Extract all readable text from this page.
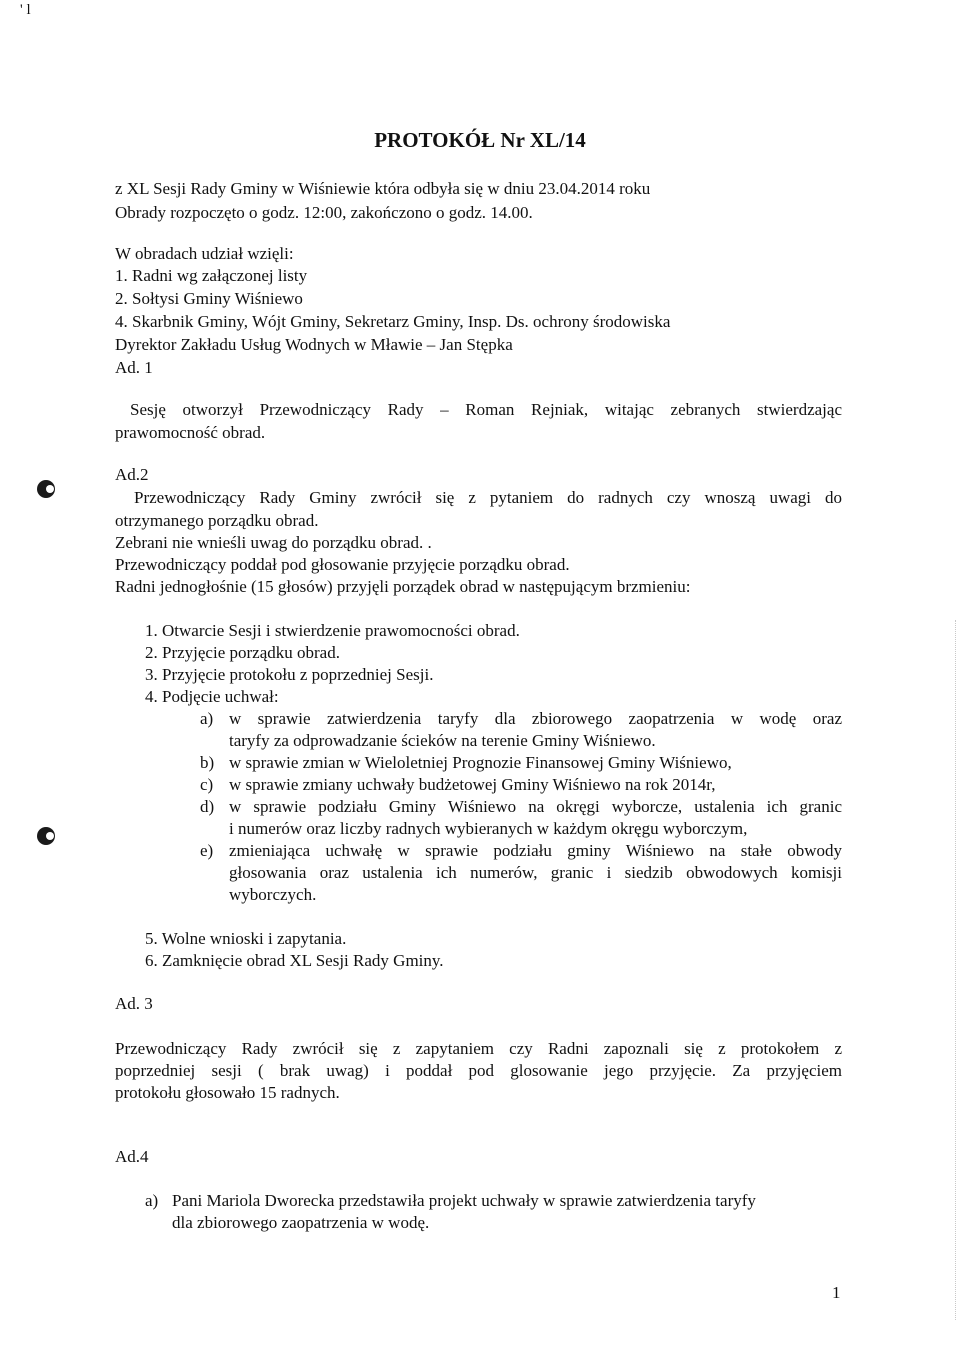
' l
PROTOKÓŁ Nr XL/14
z XL Sesji Rady Gminy w Wiśniewie która odbyła się w dniu 23.04.2014 roku
Obrady rozpoczęto o godz. 12:00, zakończono o godz. 14.00.
W obradach udział wzięli:
1. Radni wg załączonej listy
2. Sołtysi Gminy Wiśniewo
4. Skarbnik Gminy, Wójt Gminy, Sekretarz Gminy, Insp. Ds. ochrony środowiska
Dyrektor Zakładu Usług Wodnych w Mławie – Jan Stępka
Ad. 1
Sesję otworzył Przewodniczący Rady – Roman Rejniak, witając zebranych stwierdzając
prawomocność obrad.
Ad.2
Przewodniczący Rady Gminy zwrócił się z pytaniem do radnych czy wnoszą uwagi do
otrzymanego porządku obrad.
Zebrani nie wnieśli uwag do porządku obrad. .
Przewodniczący poddał pod głosowanie przyjęcie porządku obrad.
Radni jednogłośnie (15 głosów) przyjęli porządek obrad w następującym brzmieniu:
1. Otwarcie Sesji i stwierdzenie prawomocności obrad.
2. Przyjęcie porządku obrad.
3. Przyjęcie protokołu z poprzedniej Sesji.
4. Podjęcie uchwał:
a) w sprawie zatwierdzenia taryfy dla zbiorowego zaopatrzenia w wodę oraz
taryfy za odprowadzanie ścieków na terenie Gminy Wiśniewo.
b) w sprawie zmian w Wieloletniej Prognozie Finansowej Gminy Wiśniewo,
c) w sprawie zmiany uchwały budżetowej Gminy Wiśniewo na rok 2014r,
d) w sprawie podziału Gminy Wiśniewo na okręgi wyborcze, ustalenia ich granic
i numerów oraz liczby radnych wybieranych w każdym okręgu wyborczym,
e) zmieniająca uchwałę w sprawie podziału gminy Wiśniewo na stałe obwody
głosowania oraz ustalenia ich numerów, granic i siedzib obwodowych komisji
wyborczych.
5. Wolne wnioski i zapytania.
6. Zamknięcie obrad XL Sesji Rady Gminy.
Ad. 3
Przewodniczący Rady zwrócił się z zapytaniem czy Radni zapoznali się z protokołem z
poprzedniej sesji ( brak uwag) i poddał pod glosowanie jego przyjęcie. Za przyjęciem
protokołu głosowało 15 radnych.
Ad.4
a) Pani Mariola Dworecka przedstawiła projekt uchwały w sprawie zatwierdzenia taryfy
dla zbiorowego zaopatrzenia w wodę.
1
